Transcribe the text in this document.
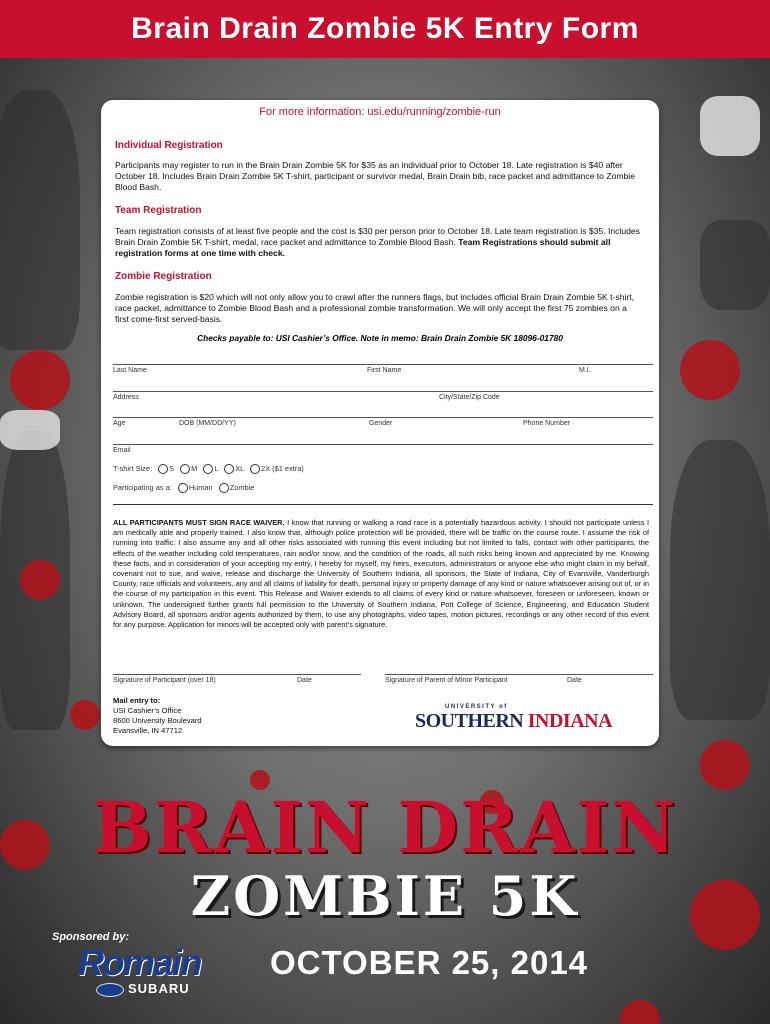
Brain Drain Zombie 5K Entry Form
For more information: usi.edu/running/zombie-run
Individual Registration
Participants may register to run in the Brain Drain Zombie 5K for $35 as an individual prior to October 18. Late registration is $40 after October 18. Includes Brain Drain Zombie 5K T-shirt, participant or survivor medal, Brain Drain bib, race packet and admittance to Zombie Blood Bash.
Team Registration
Team registration consists of at least five people and the cost is $30 per person prior to October 18. Late team registration is $35. Includes Brain Drain Zombie 5K T-shirt, medal, race packet and admittance to Zombie Blood Bash. Team Registrations should submit all registration forms at one time with check.
Zombie Registration
Zombie registration is $20 which will not only allow you to crawl after the runners flags, but includes official Brain Drain Zombie 5K t-shirt, race packet, admittance to Zombie Blood Bash and a professional zombie transformation. We will only accept the first 75 zombies on a first come-first served-basis.
Checks payable to: USI Cashier’s Office. Note in memo: Brain Drain Zombie 5K 18096-01780
Last Name	First Name	M.I.
Address	City/State/Zip Code
Age	DOB (MM/DD/YY)	Gender	Phone Number
Email
T-shirt Size: S M L XL 2X ($1 extra)
Participating as a: Human Zombie
ALL PARTICIPANTS MUST SIGN RACE WAIVER. I know that running or walking a road race is a potentially hazardous activity. I should not participate unless I am medically able and properly trained. I also know that, although police protection will be provided, there will be traffic on the course route. I assume the risk of running into traffic. I also assume any and all other risks associated with running this event including but not limited to falls, contact with other participants, the effects of the weather including cold temperatures, rain and/or snow, and the condition of the roads, all such risks being known and appreciated by me. Knowing these facts, and in consideration of your accepting my entry, I hereby for myself, my heirs, executors, administrators or anyone else who might claim in my behalf, covenant not to sue, and waive, release and discharge the University of Southern Indiana, all sponsors, the State of Indiana, City of Evansville, Vanderburgh County, race officials and volunteers, any and all claims of liability for death, personal injury or property damage of any kind or nature whatsoever arising out of, or in the course of my participation in this event. This Release and Waiver extends to all claims of every kind or nature whatsoever, foreseen or unforeseen, known or unknown. The undersigned further grants full permission to the University of Southern Indiana, Pott College of Science, Engineering, and Education Student Advisory Board, all sponsors and/or agents authorized by them, to use any photographs, video tapes, motion pictures, recordings or any other record of this event for any purpose. Application for minors will be accepted only with parent’s signature.
Signature of Participant (over 18)	Date	Signature of Parent of Minor Participant	Date
Mail entry to:
USI Cashier’s Office
8600 University Boulevard
Evansville, IN 47712
UNIVERSITY of
SOUTHERN INDIANA
BRAIN DRAIN
ZOMBIE 5K
Sponsored by:
Romain
SUBARU
OCTOBER 25, 2014
